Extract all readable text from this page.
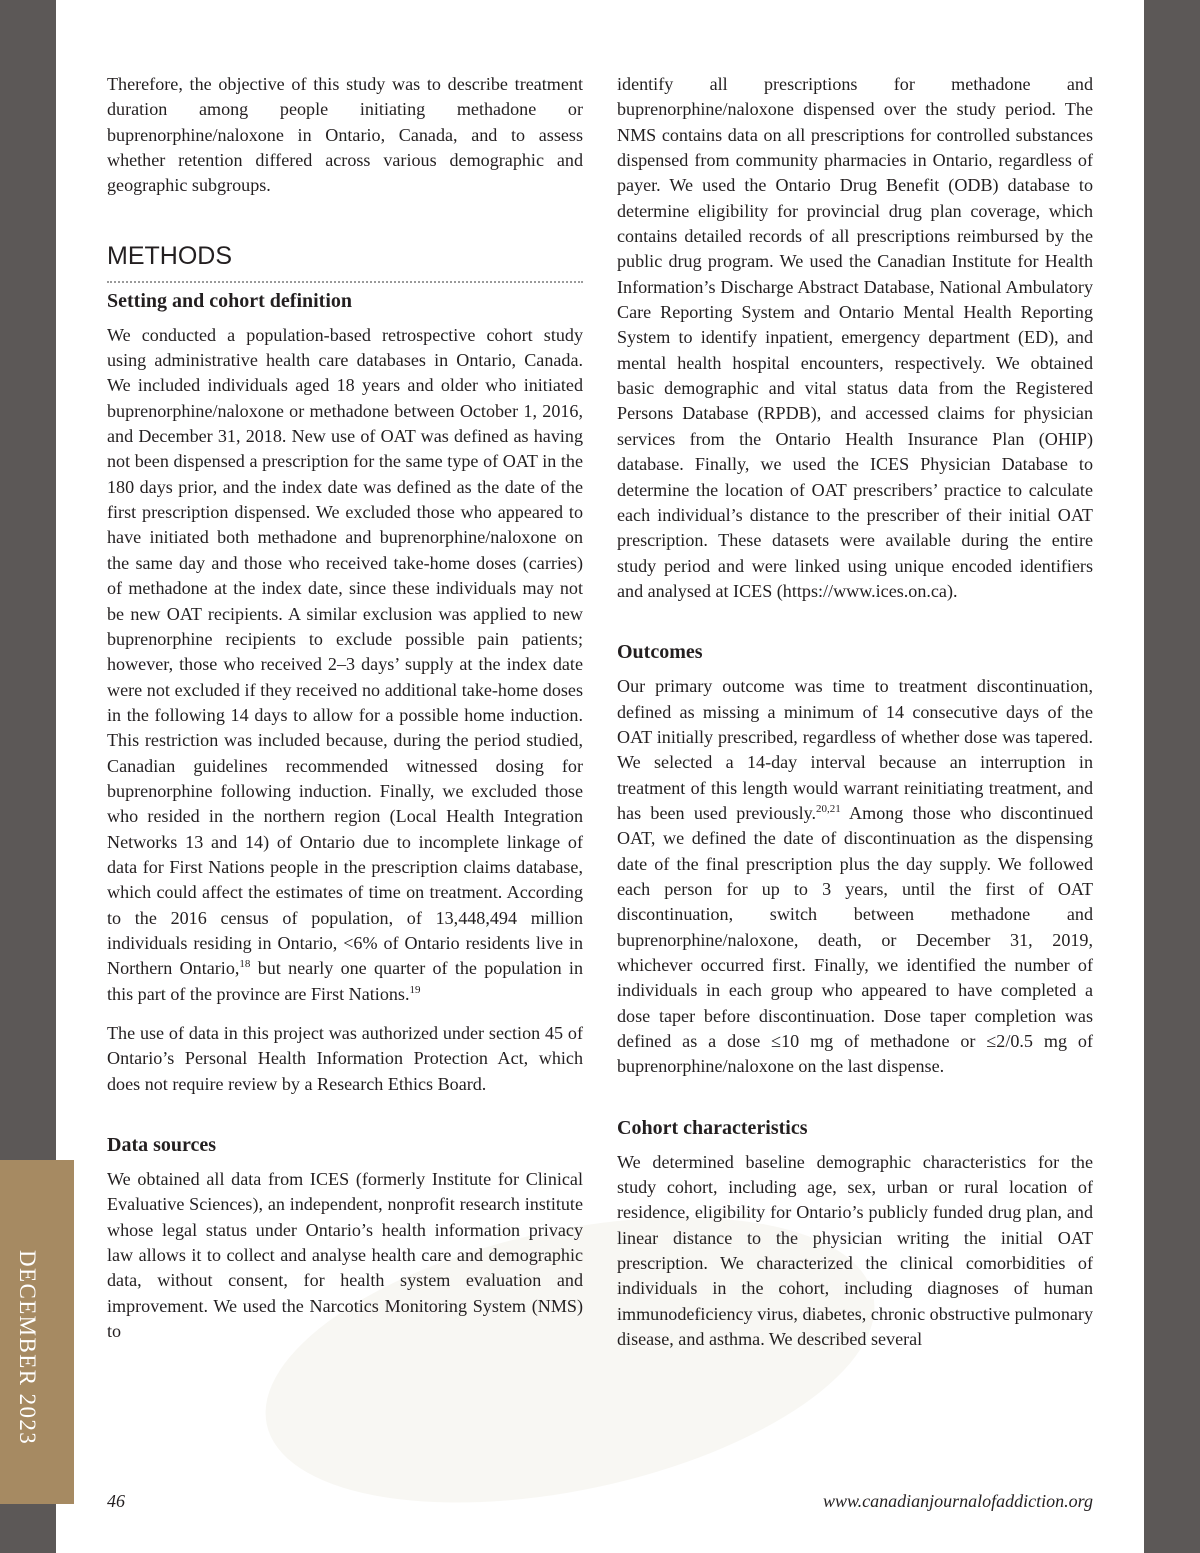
DECEMBER 2023

Therefore, the objective of this study was to describe treatment duration among people initiating methadone or buprenorphine/naloxone in Ontario, Canada, and to assess whether retention differed across various demographic and geographic subgroups.

METHODS
Setting and cohort definition

We conducted a population-based retrospective cohort study using administrative health care databases in Ontario, Canada. We included individuals aged 18 years and older who initiated buprenorphine/naloxone or methadone between October 1, 2016, and December 31, 2018. New use of OAT was defined as having not been dispensed a prescription for the same type of OAT in the 180 days prior, and the index date was defined as the date of the first prescription dispensed. We excluded those who appeared to have initiated both methadone and buprenorphine/naloxone on the same day and those who received take-home doses (carries) of methadone at the index date, since these individuals may not be new OAT recipients. A similar exclusion was applied to new buprenorphine recipients to exclude possible pain patients; however, those who received 2–3 days’ supply at the index date were not excluded if they received no additional take-home doses in the following 14 days to allow for a possible home induction. This restriction was included because, during the period studied, Canadian guidelines recommended witnessed dosing for buprenorphine following induction. Finally, we excluded those who resided in the northern region (Local Health Integration Networks 13 and 14) of Ontario due to incomplete linkage of data for First Nations people in the prescription claims database, which could affect the estimates of time on treatment. According to the 2016 census of population, of 13,448,494 million individuals residing in Ontario, <6% of Ontario residents live in Northern Ontario,$^{18}$ but nearly one quarter of the population in this part of the province are First Nations.$^{19}$

The use of data in this project was authorized under section 45 of Ontario’s Personal Health Information Protection Act, which does not require review by a Research Ethics Board.

Data sources

We obtained all data from ICES (formerly Institute for Clinical Evaluative Sciences), an independent, nonprofit research institute whose legal status under Ontario’s health information privacy law allows it to collect and analyse health care and demographic data, without consent, for health system evaluation and improvement. We used the Narcotics Monitoring System (NMS) to

identify all prescriptions for methadone and buprenorphine/naloxone dispensed over the study period. The NMS contains data on all prescriptions for controlled substances dispensed from community pharmacies in Ontario, regardless of payer. We used the Ontario Drug Benefit (ODB) database to determine eligibility for provincial drug plan coverage, which contains detailed records of all prescriptions reimbursed by the public drug program. We used the Canadian Institute for Health Information’s Discharge Abstract Database, National Ambulatory Care Reporting System and Ontario Mental Health Reporting System to identify inpatient, emergency department (ED), and mental health hospital encounters, respectively. We obtained basic demographic and vital status data from the Registered Persons Database (RPDB), and accessed claims for physician services from the Ontario Health Insurance Plan (OHIP) database. Finally, we used the ICES Physician Database to determine the location of OAT prescribers’ practice to calculate each individual’s distance to the prescriber of their initial OAT prescription. These datasets were available during the entire study period and were linked using unique encoded identifiers and analysed at ICES (https://www.ices.on.ca).

Outcomes

Our primary outcome was time to treatment discontinuation, defined as missing a minimum of 14 consecutive days of the OAT initially prescribed, regardless of whether dose was tapered. We selected a 14-day interval because an interruption in treatment of this length would warrant reinitiating treatment, and has been used previously.$^{20,21}$ Among those who discontinued OAT, we defined the date of discontinuation as the dispensing date of the final prescription plus the day supply. We followed each person for up to 3 years, until the first of OAT discontinuation, switch between methadone and buprenorphine/naloxone, death, or December 31, 2019, whichever occurred first. Finally, we identified the number of individuals in each group who appeared to have completed a dose taper before discontinuation. Dose taper completion was defined as a dose ≤10 mg of methadone or ≤2/0.5 mg of buprenorphine/naloxone on the last dispense.

Cohort characteristics

We determined baseline demographic characteristics for the study cohort, including age, sex, urban or rural location of residence, eligibility for Ontario’s publicly funded drug plan, and linear distance to the physician writing the initial OAT prescription. We characterized the clinical comorbidities of individuals in the cohort, including diagnoses of human immunodeficiency virus, diabetes, chronic obstructive pulmonary disease, and asthma. We described several

46	www.canadianjournalofaddiction.org
